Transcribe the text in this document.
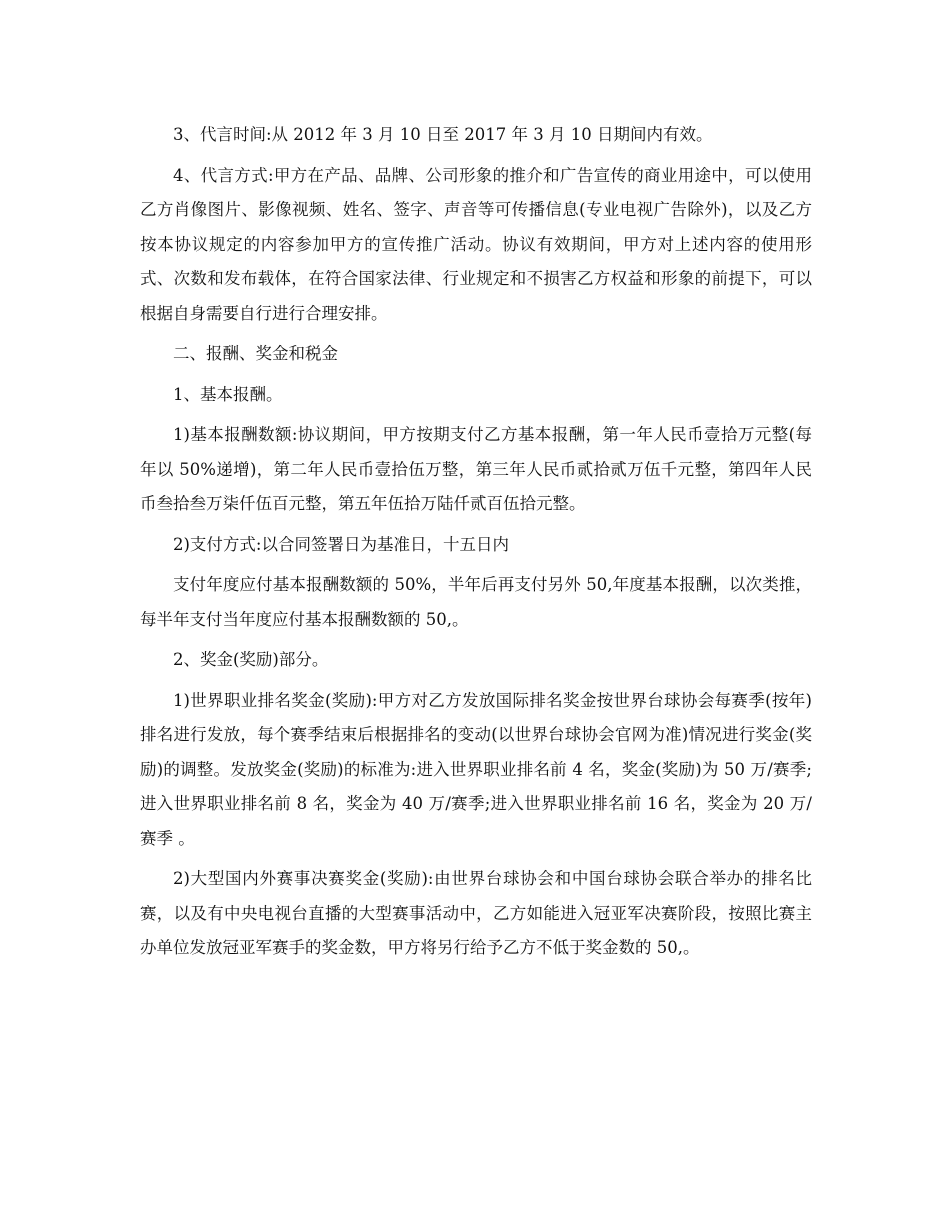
3、代言时间:从 2012 年 3 月 10 日至 2017 年 3 月 10 日期间内有效。

4、代言方式:甲方在产品、品牌、公司形象的推介和广告宣传的商业用途中，可以使用乙方肖像图片、影像视频、姓名、签字、声音等可传播信息(专业电视广告除外)，以及乙方按本协议规定的内容参加甲方的宣传推广活动。协议有效期间，甲方对上述内容的使用形式、次数和发布载体，在符合国家法律、行业规定和不损害乙方权益和形象的前提下，可以根据自身需要自行进行合理安排。

二、报酬、奖金和税金

1、基本报酬。

1)基本报酬数额:协议期间，甲方按期支付乙方基本报酬，第一年人民币壹拾万元整(每年以 50%递增)，第二年人民币壹拾伍万整，第三年人民币贰拾贰万伍千元整，第四年人民币叁拾叁万柒仟伍百元整，第五年伍拾万陆仟贰百伍拾元整。

2)支付方式:以合同签署日为基准日，十五日内

支付年度应付基本报酬数额的 50%，半年后再支付另外 50,年度基本报酬，以次类推，每半年支付当年度应付基本报酬数额的 50,。

2、奖金(奖励)部分。

1)世界职业排名奖金(奖励):甲方对乙方发放国际排名奖金按世界台球协会每赛季(按年)排名进行发放，每个赛季结束后根据排名的变动(以世界台球协会官网为准)情况进行奖金(奖励)的调整。发放奖金(奖励)的标准为:进入世界职业排名前 4 名，奖金(奖励)为 50 万/赛季;进入世界职业排名前 8 名，奖金为 40 万/赛季;进入世界职业排名前 16 名，奖金为 20 万/赛季 。

2)大型国内外赛事决赛奖金(奖励):由世界台球协会和中国台球协会联合举办的排名比赛，以及有中央电视台直播的大型赛事活动中，乙方如能进入冠亚军决赛阶段，按照比赛主办单位发放冠亚军赛手的奖金数，甲方将另行给予乙方不低于奖金数的 50,。
